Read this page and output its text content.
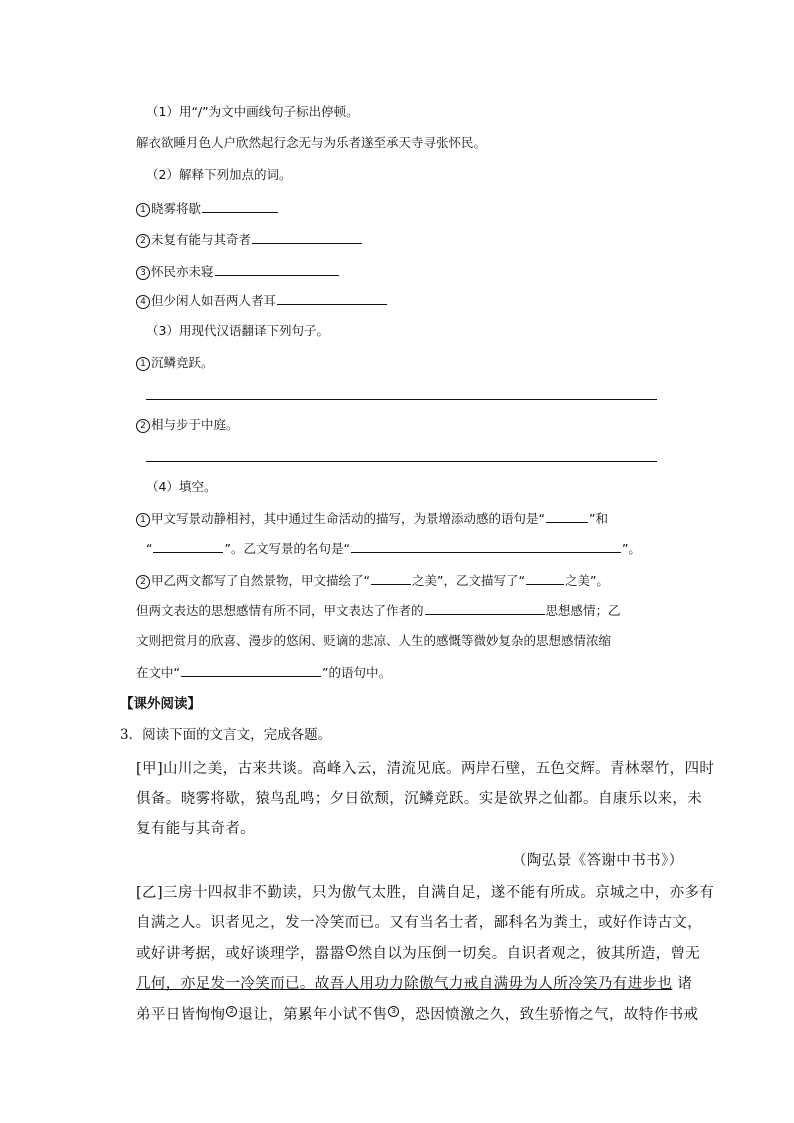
（1）用“/”为文中画线句子标出停顿。
解衣欲睡月色人户欣然起行念无与为乐者遂至承天寺寻张怀民。
（2）解释下列加点的词。
1 晓雾将歇
2 未复有能与其奇者
3 怀民亦未寝
4 但少闲人如吾两人者耳
（3）用现代汉语翻译下列句子。
1 沉鳞竞跃。
2 相与步于中庭。
（4）填空。
1 甲文写景动静相衬，其中通过生命活动的描写，为景增添动感的语句是“	”和
“	”。乙文写景的名句是“	”。
2 甲乙两文都写了自然景物，甲文描绘了“	之美”，乙文描写了“	之美”。
但两文表达的思想感情有所不同，甲文表达了作者的	思想感情；乙
文则把赏月的欣喜、漫步的悠闲、贬谪的悲凉、人生的感慨等微妙复杂的思想感情浓缩
在文中“	”的语句中。
【课外阅读】
3．阅读下面的文言文，完成各题。
[甲]山川之美，古来共谈。高峰入云，清流见底。两岸石壁，五色交辉。青林翠竹，四时
俱备。晓雾将歇，猿鸟乱鸣；夕日欲颓，沉鳞竞跃。实是欲界之仙都。自康乐以来，未
复有能与其奇者。
（陶弘景《答谢中书书》）
[乙]三房十四叔非不勤读，只为傲气太胜，自满自足，遂不能有所成。京城之中，亦多有
自满之人。识者见之，发一冷笑而已。又有当名士者，鄙科名为粪土，或好作诗古文，
或好讲考据，或好谈理学，嚣嚣 1 然自以为压倒一切矣。自识者观之，彼其所造，曾无
几何，亦足发一冷笑而已。故吾人用功力除傲气力戒自满毋为人所冷笑乃有进步也 诸
弟平日皆恂恂 2 退让，第累年小试不售 3 ，恐因愤激之久，致生骄惰之气，故特作书戒
